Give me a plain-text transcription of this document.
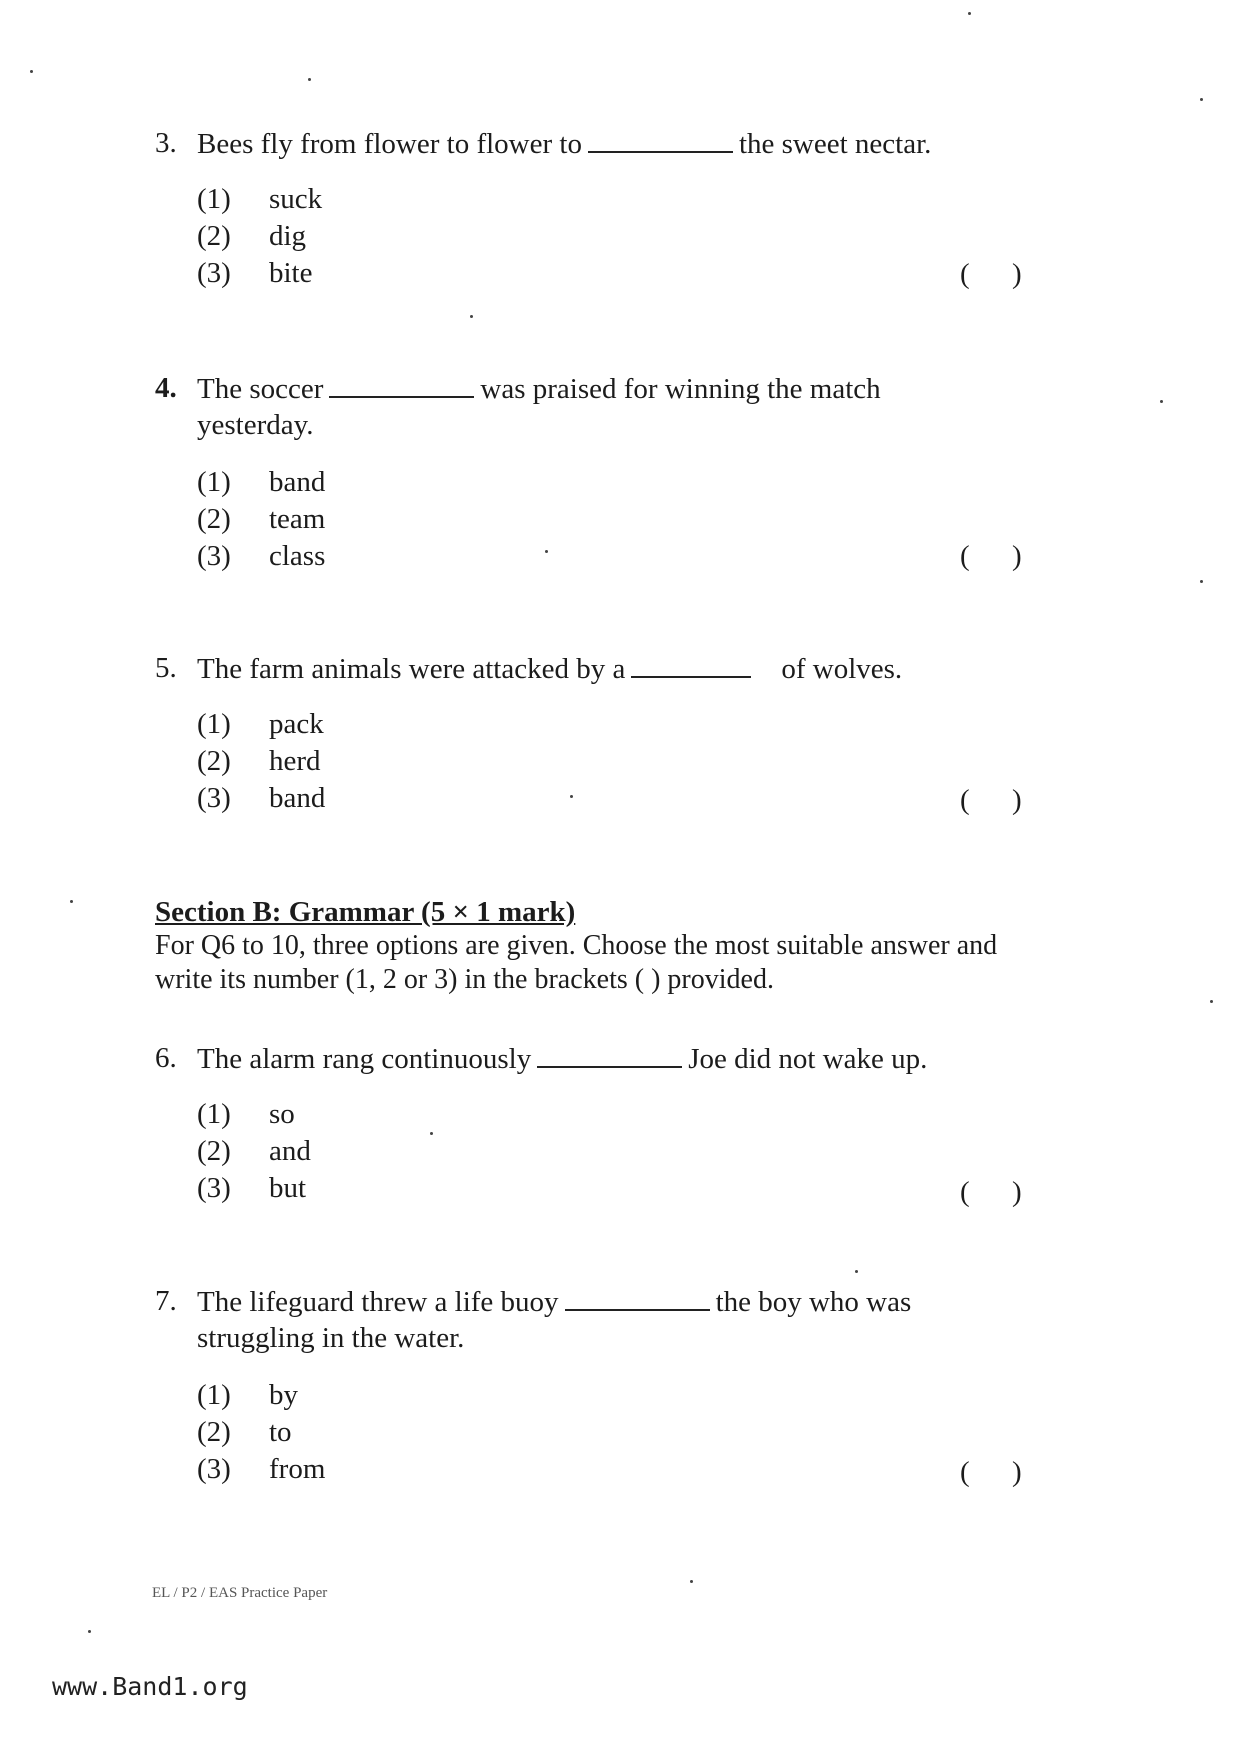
3. Bees fly from flower to flower to	the sweet nectar.
(1)	suck
(2)	dig
(3)	bite	( )
4. The soccer	was praised for winning the match yesterday.
(1)	band
(2)	team
(3)	class	( )
5. The farm animals were attacked by a	of wolves.
(1)	pack
(2)	herd
(3)	band	( )
Section B: Grammar (5 × 1 mark)

For Q6 to 10, three options are given. Choose the most suitable answer and write its number (1, 2 or 3) in the brackets ( ) provided.

6. The alarm rang continuously	Joe did not wake up.
(1)	so
(2)	and
(3)	but	( )
7. The lifeguard threw a life buoy	the boy who was struggling in the water.
(1)	by
(2)	to
(3)	from	( )
EL / P2 / EAS Practice Paper
www.Band1.org
